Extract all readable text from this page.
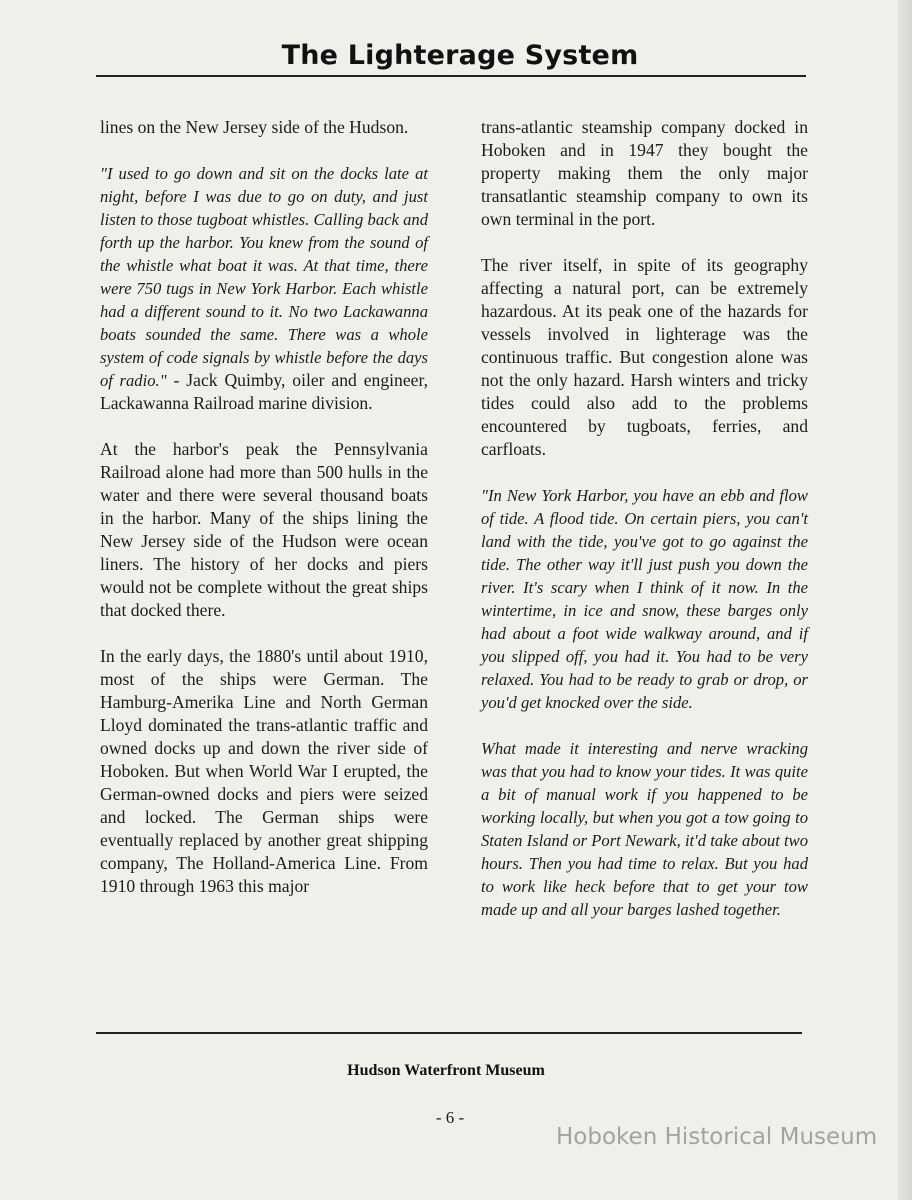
The Lighterage System

lines on the New Jersey side of the Hudson.

"I used to go down and sit on the docks late at night, before I was due to go on duty, and just listen to those tugboat whistles. Calling back and forth up the harbor. You knew from the sound of the whistle what boat it was. At that time, there were 750 tugs in New York Harbor. Each whistle had a different sound to it. No two Lackawanna boats sounded the same. There was a whole system of code signals by whistle before the days of radio." - Jack Quimby, oiler and engineer, Lackawanna Railroad marine division.

At the harbor's peak the Pennsylvania Railroad alone had more than 500 hulls in the water and there were several thousand boats in the harbor. Many of the ships lining the New Jersey side of the Hudson were ocean liners. The history of her docks and piers would not be complete without the great ships that docked there.

In the early days, the 1880's until about 1910, most of the ships were German. The Hamburg-Amerika Line and North German Lloyd dominated the trans-atlantic traffic and owned docks up and down the river side of Hoboken. But when World War I erupted, the German-owned docks and piers were seized and locked. The German ships were eventually replaced by another great shipping company, The Holland-America Line. From 1910 through 1963 this major

trans-atlantic steamship company docked in Hoboken and in 1947 they bought the property making them the only major transatlantic steamship company to own its own terminal in the port.

The river itself, in spite of its geography affecting a natural port, can be extremely hazardous. At its peak one of the hazards for vessels involved in lighterage was the continuous traffic. But congestion alone was not the only hazard. Harsh winters and tricky tides could also add to the problems encountered by tugboats, ferries, and carfloats.

"In New York Harbor, you have an ebb and flow of tide. A flood tide. On certain piers, you can't land with the tide, you've got to go against the tide. The other way it'll just push you down the river. It's scary when I think of it now. In the wintertime, in ice and snow, these barges only had about a foot wide walkway around, and if you slipped off, you had it. You had to be very relaxed. You had to be ready to grab or drop, or you'd get knocked over the side.

What made it interesting and nerve wracking was that you had to know your tides. It was quite a bit of manual work if you happened to be working locally, but when you got a tow going to Staten Island or Port Newark, it'd take about two hours. Then you had time to relax. But you had to work like heck before that to get your tow made up and all your barges lashed together.

Hudson Waterfront Museum
- 6 -
Hoboken Historical Museum
